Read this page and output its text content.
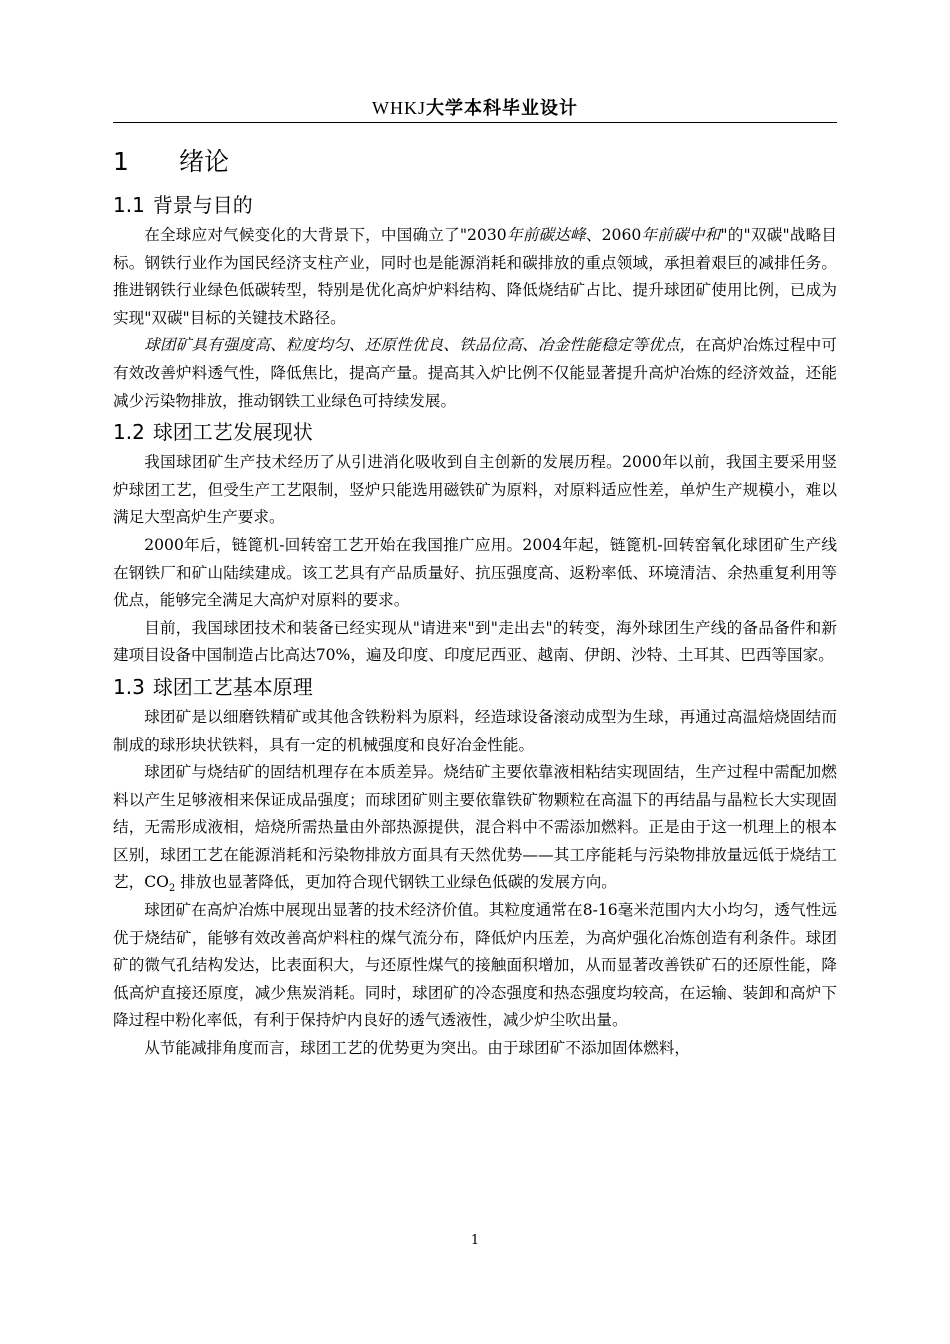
WHKJ大学本科毕业设计
1 绪论
1.1 背景与目的

在全球应对气候变化的大背景下，中国确立了"2030年前碳达峰、2060年前碳中和"的"双碳"战略目标。钢铁行业作为国民经济支柱产业，同时也是能源消耗和碳排放的重点领域，承担着艰巨的减排任务。推进钢铁行业绿色低碳转型，特别是优化高炉炉料结构、降低烧结矿占比、提升球团矿使用比例，已成为实现"双碳"目标的关键技术路径。

球团矿具有强度高、粒度均匀、还原性优良、铁品位高、冶金性能稳定等优点，在高炉冶炼过程中可有效改善炉料透气性，降低焦比，提高产量。提高其入炉比例不仅能显著提升高炉冶炼的经济效益，还能减少污染物排放，推动钢铁工业绿色可持续发展。

1.2 球团工艺发展现状

我国球团矿生产技术经历了从引进消化吸收到自主创新的发展历程。2000年以前，我国主要采用竖炉球团工艺，但受生产工艺限制，竖炉只能选用磁铁矿为原料，对原料适应性差，单炉生产规模小，难以满足大型高炉生产要求。

2000年后，链篦机-回转窑工艺开始在我国推广应用。2004年起，链篦机-回转窑氧化球团矿生产线在钢铁厂和矿山陆续建成。该工艺具有产品质量好、抗压强度高、返粉率低、环境清洁、余热重复利用等优点，能够完全满足大高炉对原料的要求。

目前，我国球团技术和装备已经实现从"请进来"到"走出去"的转变，海外球团生产线的备品备件和新建项目设备中国制造占比高达70%，遍及印度、印度尼西亚、越南、伊朗、沙特、土耳其、巴西等国家。

1.3 球团工艺基本原理

球团矿是以细磨铁精矿或其他含铁粉料为原料，经造球设备滚动成型为生球，再通过高温焙烧固结而制成的球形块状铁料，具有一定的机械强度和良好冶金性能。

球团矿与烧结矿的固结机理存在本质差异。烧结矿主要依靠液相粘结实现固结，生产过程中需配加燃料以产生足够液相来保证成品强度；而球团矿则主要依靠铁矿物颗粒在高温下的再结晶与晶粒长大实现固结，无需形成液相，焙烧所需热量由外部热源提供，混合料中不需添加燃料。正是由于这一机理上的根本区别，球团工艺在能源消耗和污染物排放方面具有天然优势——其工序能耗与污染物排放量远低于烧结工艺，$CO_2$ 排放也显著降低，更加符合现代钢铁工业绿色低碳的发展方向。

球团矿在高炉冶炼中展现出显著的技术经济价值。其粒度通常在8-16毫米范围内大小均匀，透气性远优于烧结矿，能够有效改善高炉料柱的煤气流分布，降低炉内压差，为高炉强化冶炼创造有利条件。球团矿的微气孔结构发达，比表面积大，与还原性煤气的接触面积增加，从而显著改善铁矿石的还原性能，降低高炉直接还原度，减少焦炭消耗。同时，球团矿的冷态强度和热态强度均较高，在运输、装卸和高炉下降过程中粉化率低，有利于保持炉内良好的透气透液性，减少炉尘吹出量。

从节能减排角度而言，球团工艺的优势更为突出。由于球团矿不添加固体燃料，

1
